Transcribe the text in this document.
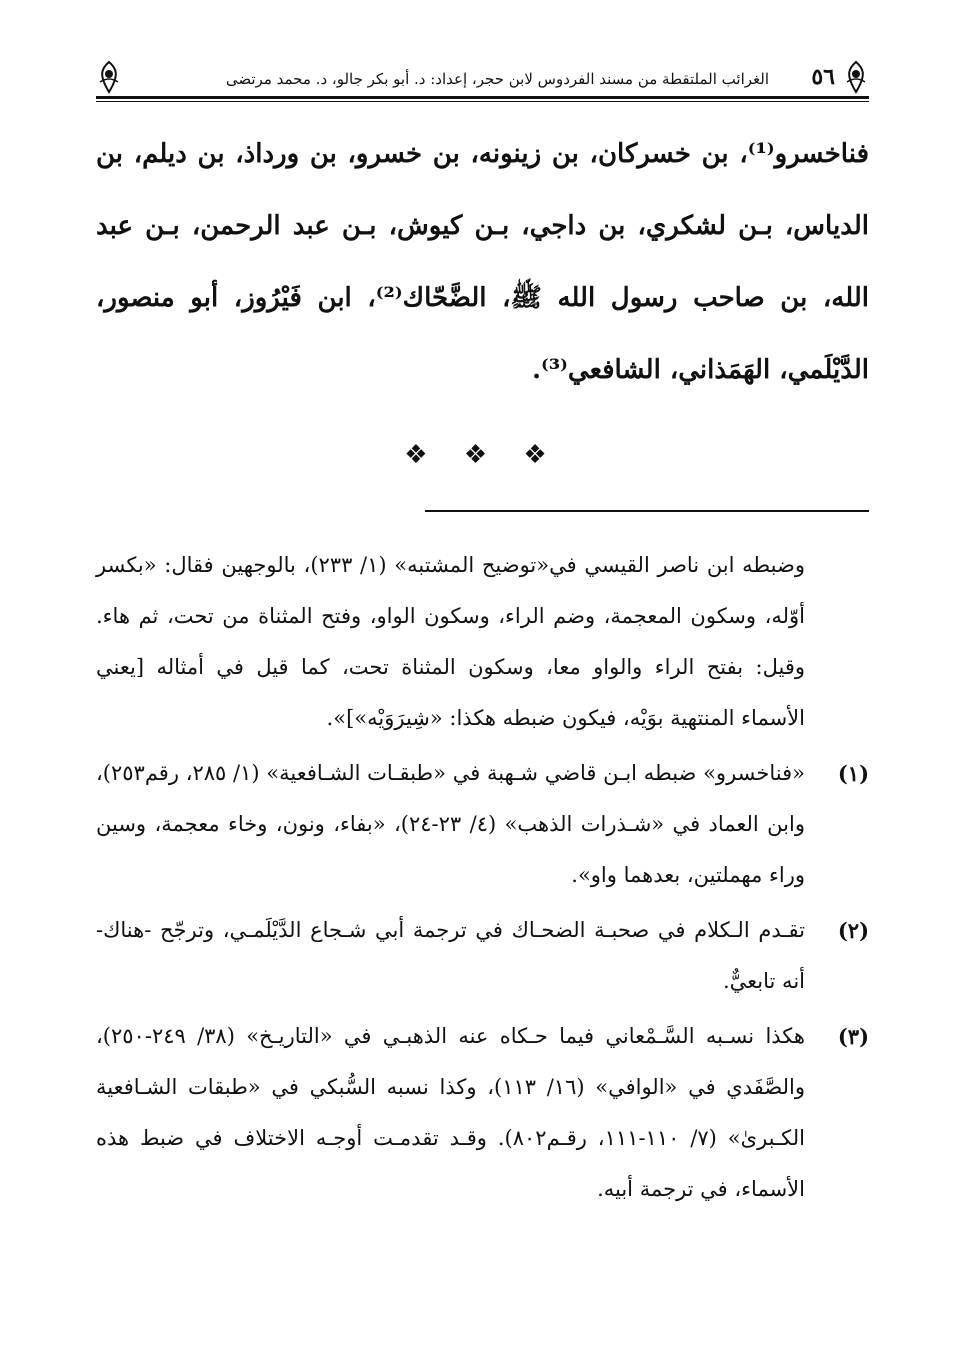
٥٦
الغرائب الملتقطة من مسند الفردوس لابن حجر، إعداد: د. أبو بكر جالو، د. محمد مرتضى
فناخسرو⁽¹⁾، بن خسركان، بن زينونه، بن خسرو، بن ورداذ، بن ديلم، بن الدياس، بـن لشكري، بن داجي، بـن كيوش، بـن عبد الرحمن، بـن عبد الله، بن صاحب رسول الله ﷺ، الضَّحّاك⁽²⁾، ابن فَيْرُوز، أبو منصور، الدَّيْلَمي، الهَمَذاني، الشافعي⁽³⁾.
❖ ❖ ❖
وضبطه ابن ناصر القيسي في«توضيح المشتبه» (١/ ٢٣٣)، بالوجهين فقال: «بكسر أوّله، وسكون المعجمة، وضم الراء، وسكون الواو، وفتح المثناة من تحت، ثم هاء. وقيل: بفتح الراء والواو معا، وسكون المثناة تحت، كما قيل في أمثاله [يعني الأسماء المنتهية بوَيْه، فيكون ضبطه هكذا: «شِيرَوَيْه»]».
(١)
«فناخسرو» ضبطه ابـن قاضي شـهبة في «طبقـات الشـافعية» (١/ ٢٨٥، رقم٢٥٣)، وابن العماد في «شـذرات الذهب» (٤/ ٢٣-٢٤)، «بفاء، ونون، وخاء معجمة، وسين وراء مهملتين، بعدهما واو».
(٢)
تقـدم الـكلام في صحبـة الضحـاك في ترجمة أبي شـجاع الدَّيْلَمـي، وترجّح -هناك- أنه تابعيٌّ.
(٣)
هكذا نسـبه السَّـمْعاني فيما حـكاه عنه الذهبـي في «التاريـخ» (٣٨/ ٢٤٩-٢٥٠)، والصَّفَدي في «الوافي» (١٦/ ١١٣)، وكذا نسبه السُّبكي في «طبقات الشـافعية الكـبرىٰ» (٧/ ١١٠-١١١، رقـم٨٠٢). وقـد تقدمـت أوجـه الاختلاف في ضبط هذه الأسماء، في ترجمة أبيه.
